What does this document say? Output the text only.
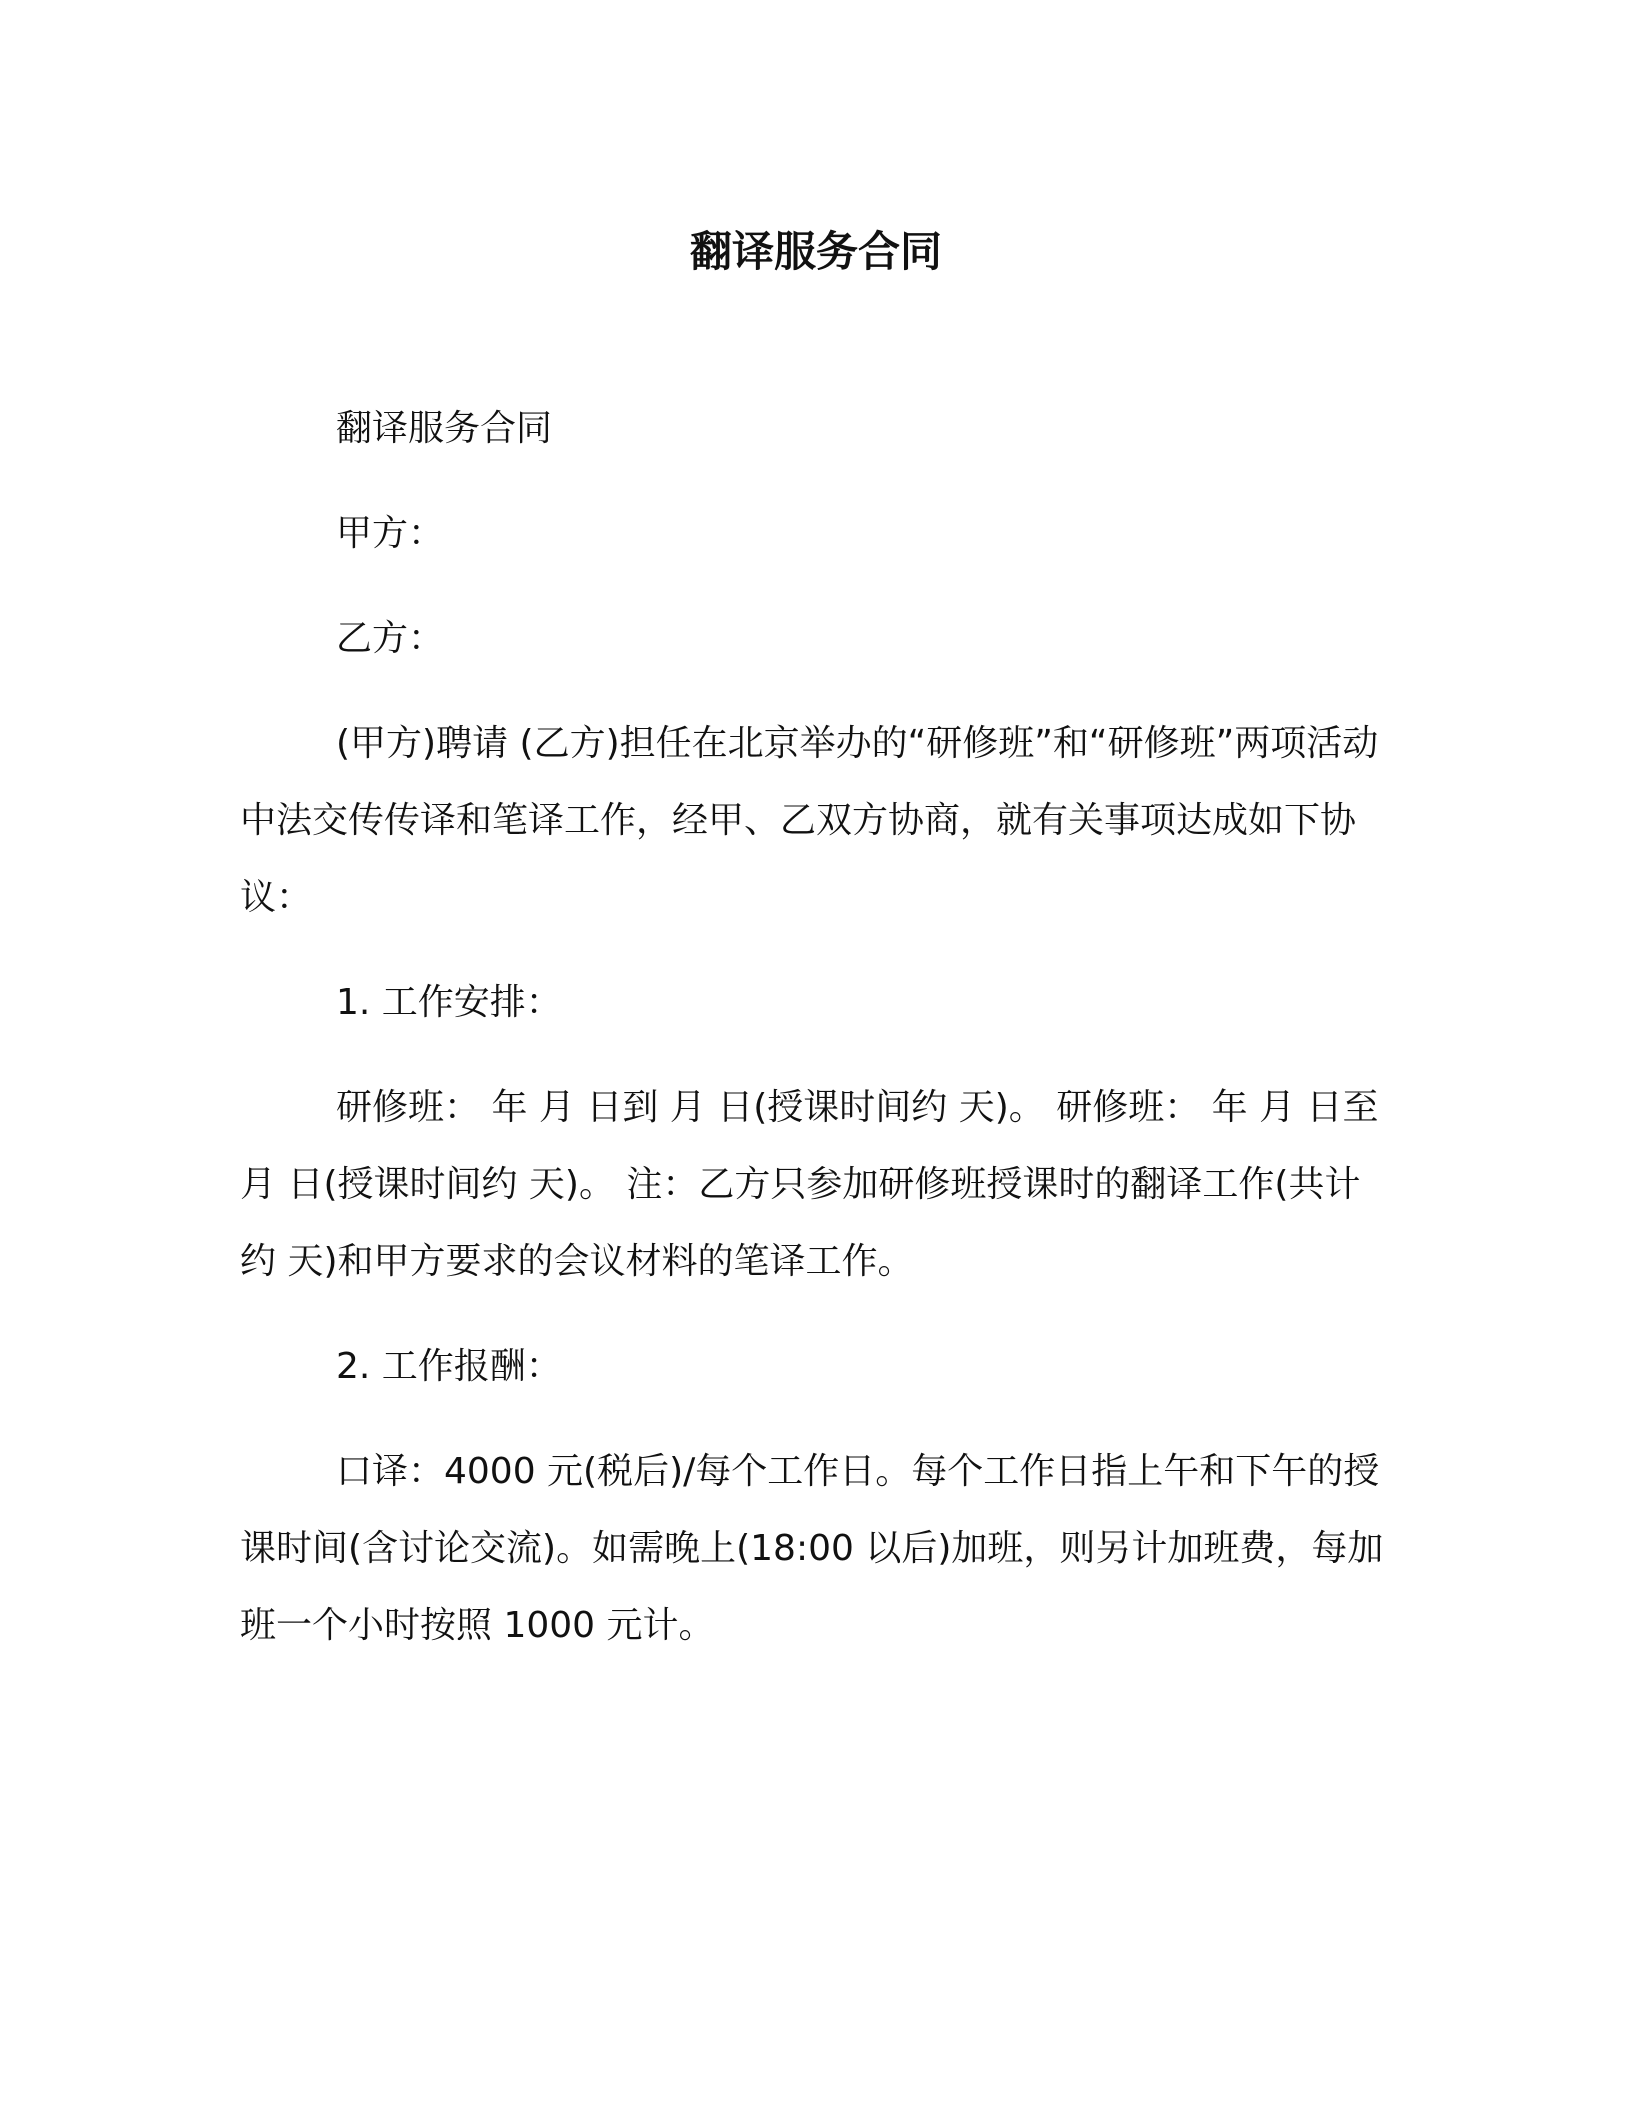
翻译服务合同

翻译服务合同

甲方：

乙方：

(甲方)聘请 (乙方)担任在北京举办的“研修班”和“研修班”两项活动中法交传传译和笔译工作，经甲、乙双方协商，就有关事项达成如下协议：

1. 工作安排：

研修班： 年 月 日到 月 日(授课时间约 天)。 研修班： 年 月 日至 月 日(授课时间约 天)。 注：乙方只参加研修班授课时的翻译工作(共计约 天)和甲方要求的会议材料的笔译工作。

2. 工作报酬：

口译：4000 元(税后)/每个工作日。每个工作日指上午和下午的授课时间(含讨论交流)。如需晚上(18:00 以后)加班，则另计加班费，每加班一个小时按照 1000 元计。
